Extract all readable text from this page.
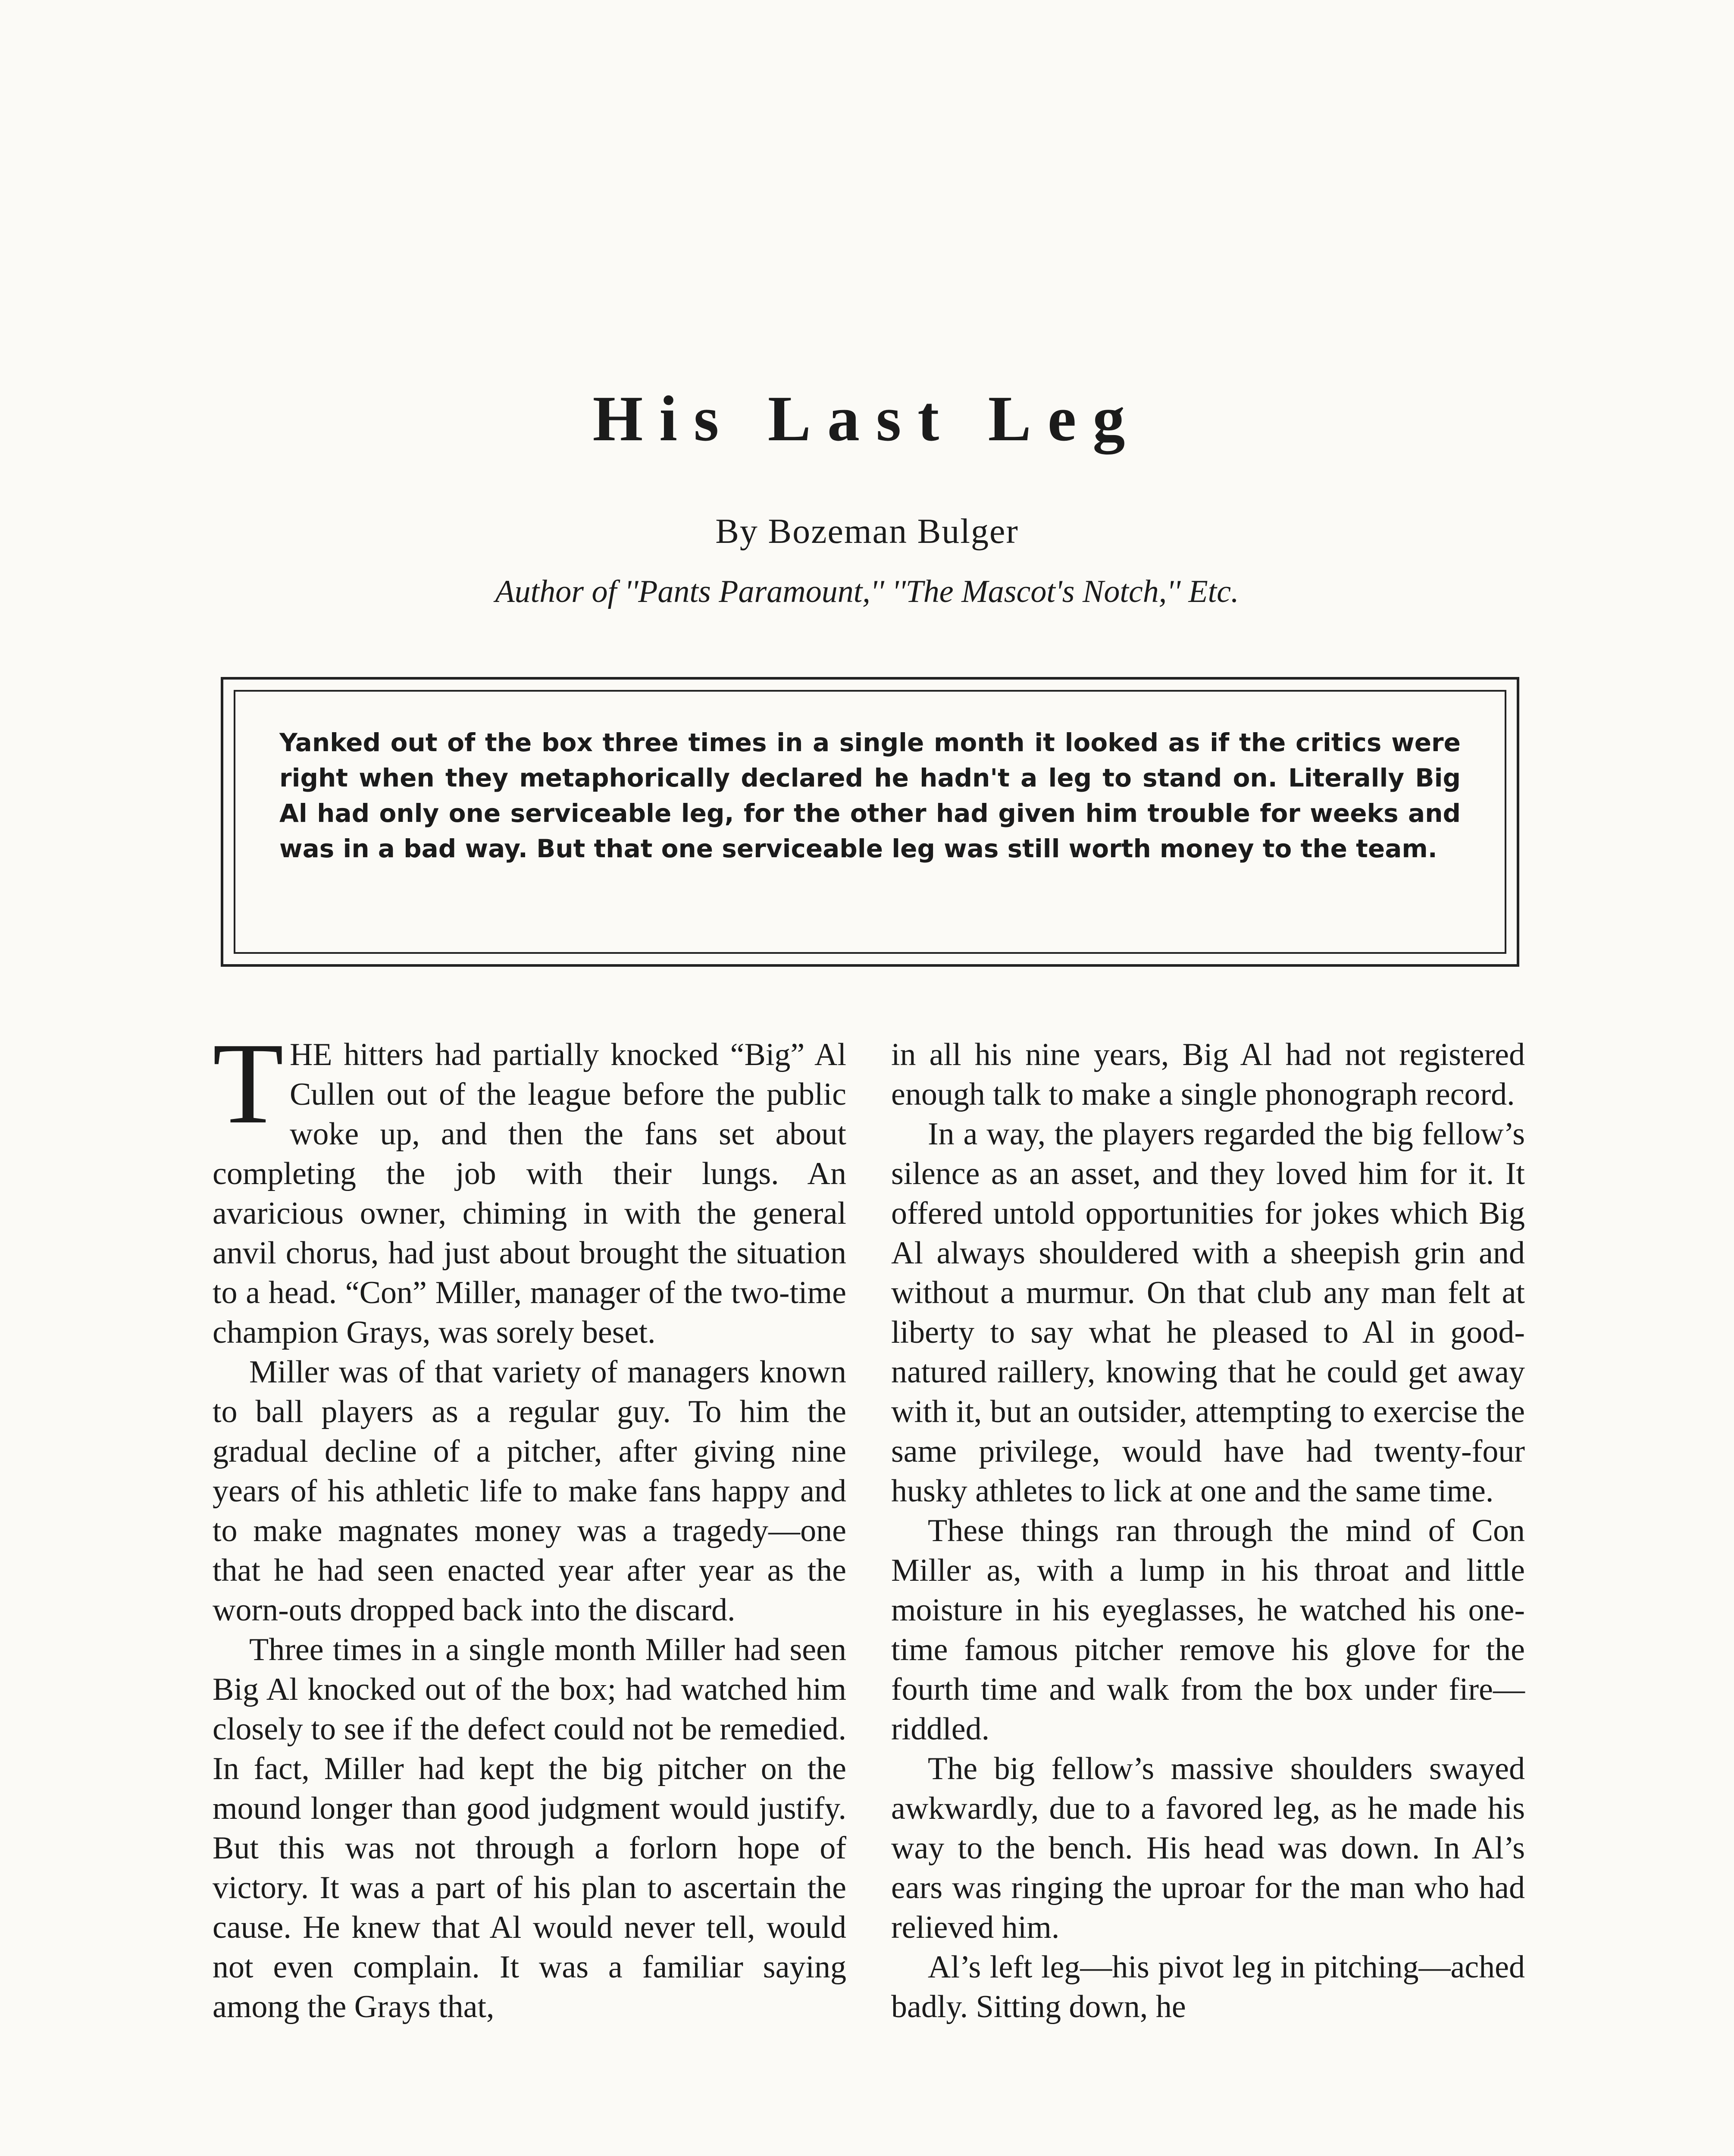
His Last Leg

By Bozeman Bulger

Author of ''Pants Paramount,'' ''The Mascot's Notch,'' Etc.

Yanked out of the box three times in a single month it looked as if the critics were right when they metaphorically declared he hadn't a leg to stand on. Literally Big Al had only one serviceable leg, for the other had given him trouble for weeks and was in a bad way. But that one serviceable leg was still worth money to the team.

THE hitters had partially knocked “Big” Al Cullen out of the league before the public woke up, and then the fans set about completing the job with their lungs. An avaricious owner, chiming in with the general anvil chorus, had just about brought the situation to a head. “Con” Miller, manager of the two-time champion Grays, was sorely beset.

Miller was of that variety of managers known to ball players as a regular guy. To him the gradual decline of a pitcher, after giving nine years of his athletic life to make fans happy and to make magnates money was a tragedy—one that he had seen enacted year after year as the worn-outs dropped back into the discard.

Three times in a single month Miller had seen Big Al knocked out of the box; had watched him closely to see if the defect could not be remedied. In fact, Miller had kept the big pitcher on the mound longer than good judgment would justify. But this was not through a forlorn hope of victory. It was a part of his plan to ascertain the cause. He knew that Al would never tell, would not even complain. It was a familiar saying among the Grays that,

in all his nine years, Big Al had not registered enough talk to make a single phonograph record.

In a way, the players regarded the big fellow’s silence as an asset, and they loved him for it. It offered untold opportunities for jokes which Big Al always shouldered with a sheepish grin and without a murmur. On that club any man felt at liberty to say what he pleased to Al in good-natured raillery, knowing that he could get away with it, but an outsider, attempting to exercise the same privilege, would have had twenty-four husky athletes to lick at one and the same time.

These things ran through the mind of Con Miller as, with a lump in his throat and little moisture in his eyeglasses, he watched his one-time famous pitcher remove his glove for the fourth time and walk from the box under fire—riddled.

The big fellow’s massive shoulders swayed awkwardly, due to a favored leg, as he made his way to the bench. His head was down. In Al’s ears was ringing the uproar for the man who had relieved him.

Al’s left leg—his pivot leg in pitching—ached badly. Sitting down, he
